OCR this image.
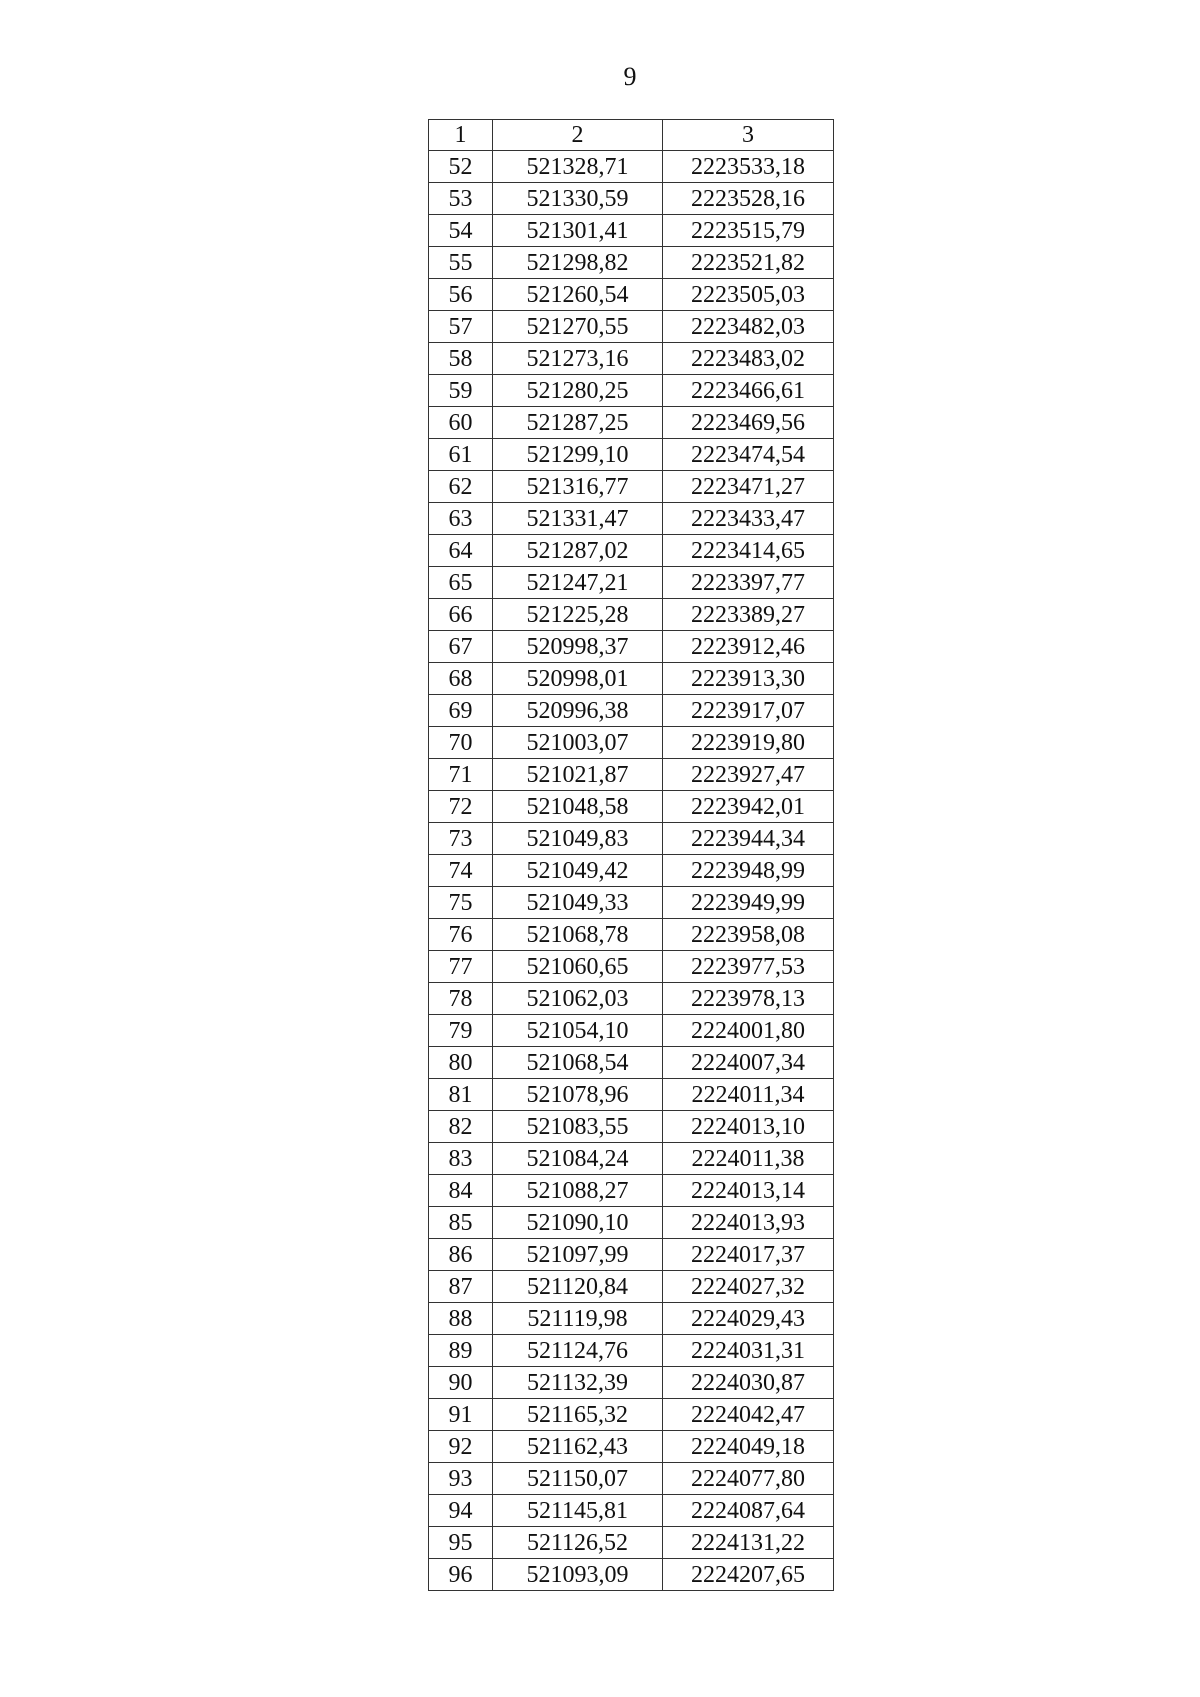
9
1	2	3
52	521328,71	2223533,18
53	521330,59	2223528,16
54	521301,41	2223515,79
55	521298,82	2223521,82
56	521260,54	2223505,03
57	521270,55	2223482,03
58	521273,16	2223483,02
59	521280,25	2223466,61
60	521287,25	2223469,56
61	521299,10	2223474,54
62	521316,77	2223471,27
63	521331,47	2223433,47
64	521287,02	2223414,65
65	521247,21	2223397,77
66	521225,28	2223389,27
67	520998,37	2223912,46
68	520998,01	2223913,30
69	520996,38	2223917,07
70	521003,07	2223919,80
71	521021,87	2223927,47
72	521048,58	2223942,01
73	521049,83	2223944,34
74	521049,42	2223948,99
75	521049,33	2223949,99
76	521068,78	2223958,08
77	521060,65	2223977,53
78	521062,03	2223978,13
79	521054,10	2224001,80
80	521068,54	2224007,34
81	521078,96	2224011,34
82	521083,55	2224013,10
83	521084,24	2224011,38
84	521088,27	2224013,14
85	521090,10	2224013,93
86	521097,99	2224017,37
87	521120,84	2224027,32
88	521119,98	2224029,43
89	521124,76	2224031,31
90	521132,39	2224030,87
91	521165,32	2224042,47
92	521162,43	2224049,18
93	521150,07	2224077,80
94	521145,81	2224087,64
95	521126,52	2224131,22
96	521093,09	2224207,65
